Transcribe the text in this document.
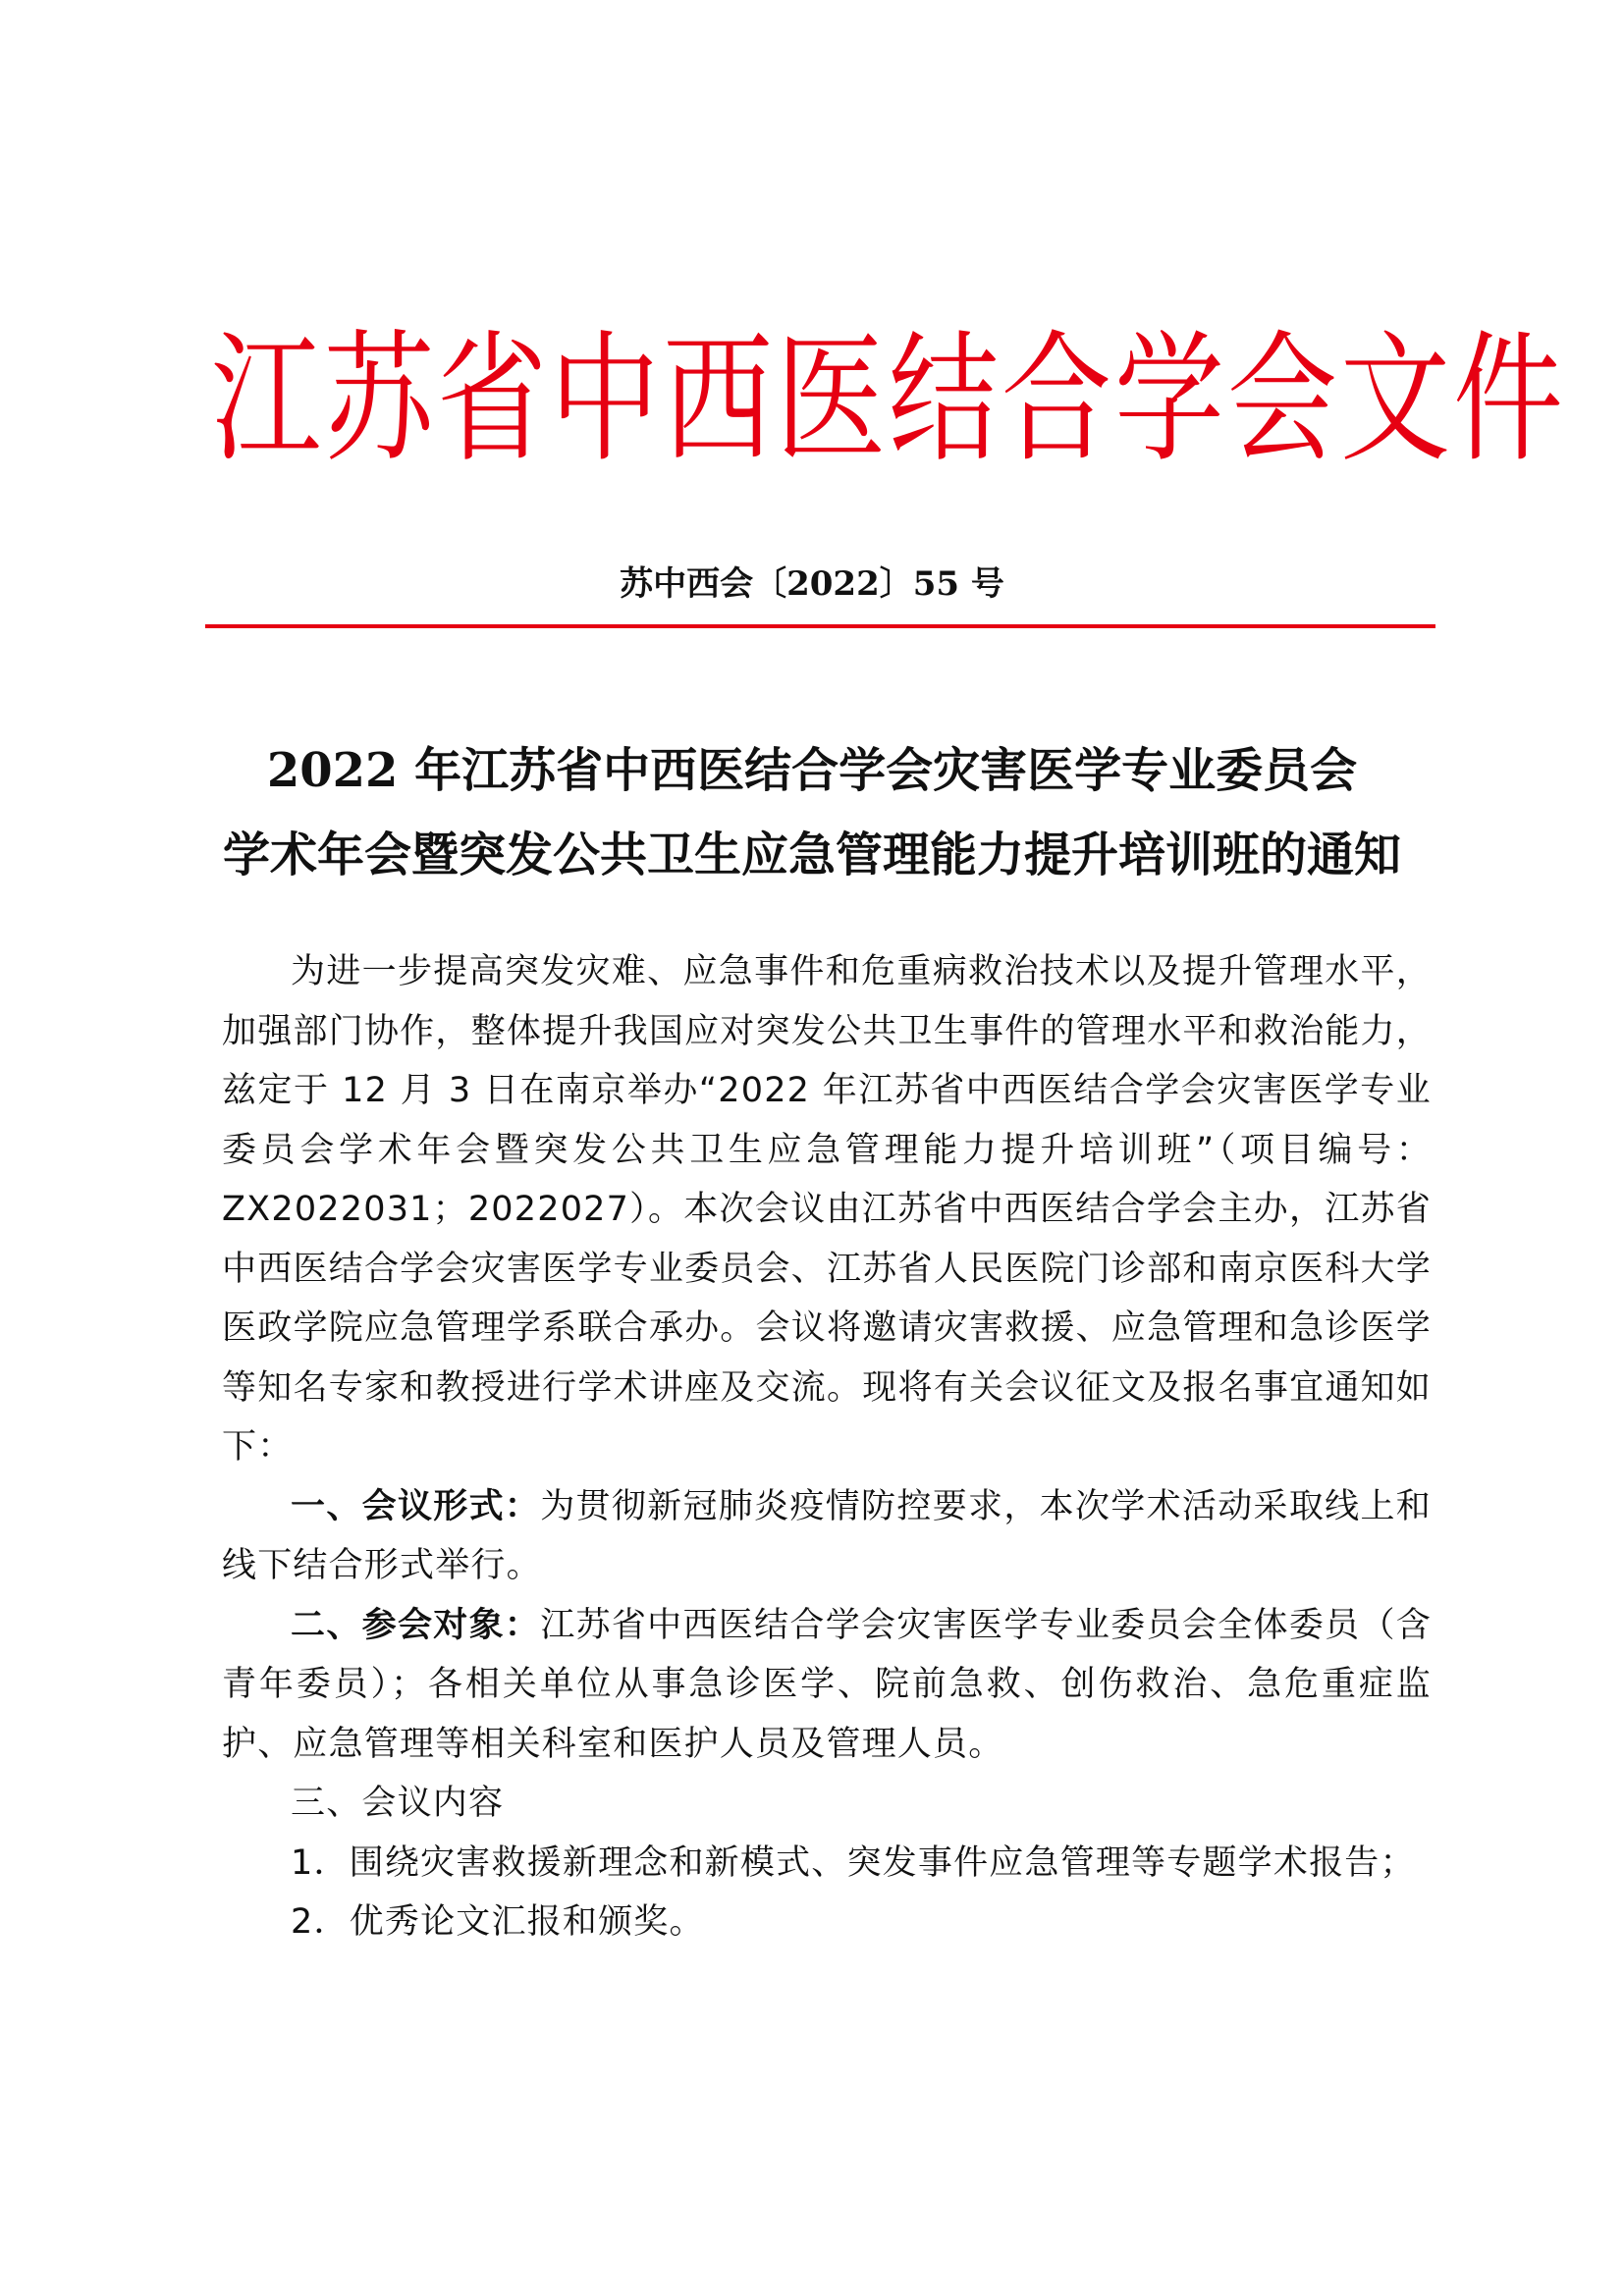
江苏省中西医结合学会文件
苏中西会〔2022〕55 号
2022 年江苏省中西医结合学会灾害医学专业委员会
学术年会暨突发公共卫生应急管理能力提升培训班的通知

为进一步提高突发灾难、应急事件和危重病救治技术以及提升管理水平，加强部门协作，整体提升我国应对突发公共卫生事件的管理水平和救治能力，兹定于 12 月 3 日在南京举办“2022 年江苏省中西医结合学会灾害医学专业委员会学术年会暨突发公共卫生应急管理能力提升培训班”（项目编号：ZX2022031；2022027）。本次会议由江苏省中西医结合学会主办，江苏省中西医结合学会灾害医学专业委员会、江苏省人民医院门诊部和南京医科大学医政学院应急管理学系联合承办。会议将邀请灾害救援、应急管理和急诊医学等知名专家和教授进行学术讲座及交流。现将有关会议征文及报名事宜通知如下：

一、会议形式：为贯彻新冠肺炎疫情防控要求，本次学术活动采取线上和线下结合形式举行。

二、参会对象：江苏省中西医结合学会灾害医学专业委员会全体委员（含青年委员）；各相关单位从事急诊医学、院前急救、创伤救治、急危重症监护、应急管理等相关科室和医护人员及管理人员。

三、会议内容

1．围绕灾害救援新理念和新模式、突发事件应急管理等专题学术报告；

2．优秀论文汇报和颁奖。
